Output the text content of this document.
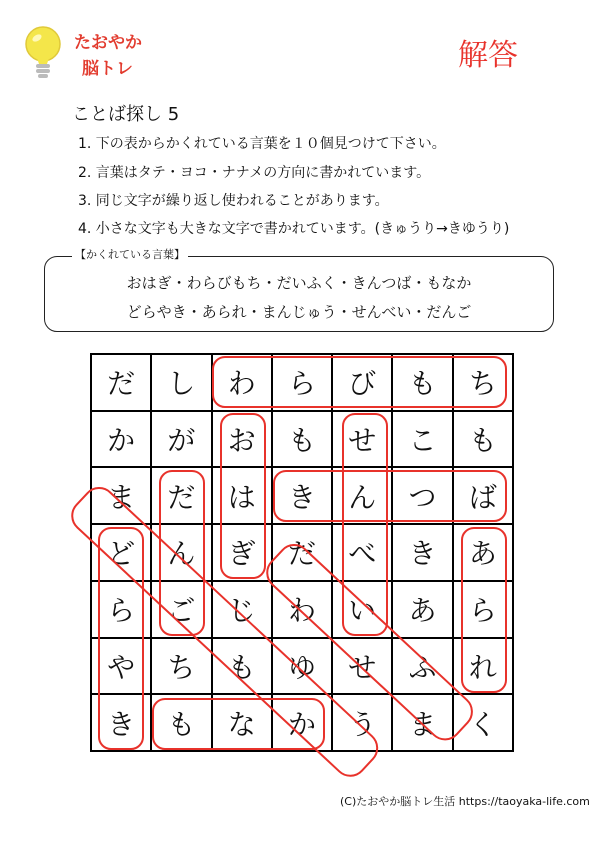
たおやか
脳トレ	解答
ことば探し 5
1. 下の表からかくれている言葉を１０個見つけて下さい。
2. 言葉はタテ・ヨコ・ナナメの方向に書かれています。
3. 同じ文字が繰り返し使われることがあります。
4. 小さな文字も大きな文字で書かれています。(きゅうり→きゆうり)
おはぎ・わらびもち・だいふく・きんつば・もなか
どらやき・あられ・まんじゅう・せんべい・だんご
【かくれている言葉】
だ	し	わ	ら	び	も	ち
か	が	お	も	せ	こ	も
ま	だ	は	き	ん	つ	ば
ど	ん	ぎ	だ	べ	き	あ
ら	ご	じ	わ	い	あ	ら
や	ち	も	ゆ	せ	ふ	れ
き	も	な	か	う	ま	く
(C)たおやか脳トレ生活 https://taoyaka-life.com
